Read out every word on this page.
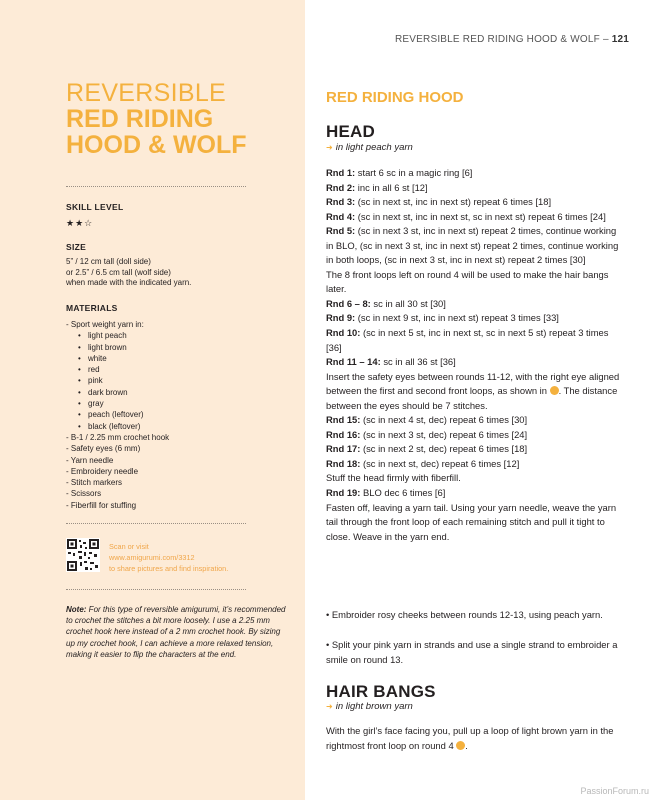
REVERSIBLE
RED RIDING
HOOD & WOLF
SKILL LEVEL
★★☆
SIZE
5” / 12 cm tall (doll side)
or 2.5” / 6.5 cm tall (wolf side)
when made with the indicated yarn.
MATERIALS
- Sport weight yarn in:
• light peach
• light brown
• white
• red
• pink
• dark brown
• gray
• peach (leftover)
• black (leftover)
- B-1 / 2.25 mm crochet hook
- Safety eyes (6 mm)
- Yarn needle
- Embroidery needle
- Stitch markers
- Scissors
- Fiberfill for stuffing
Scan or visit
www.amigurumi.com/3312
to share pictures and find inspiration.
Note: For this type of reversible amigurumi, it’s recommended to crochet the stitches a bit more loosely. I use a 2.25 mm crochet hook here instead of a 2 mm crochet hook. By sizing up my crochet hook, I can achieve a more relaxed tension, making it easier to flip the characters at the end.
REVERSIBLE RED RIDING HOOD & WOLF – 121
RED RIDING HOOD
HEAD
➜ in light peach yarn
Rnd 1: start 6 sc in a magic ring [6]
Rnd 2: inc in all 6 st [12]
Rnd 3: (sc in next st, inc in next st) repeat 6 times [18]
Rnd 4: (sc in next st, inc in next st, sc in next st) repeat 6 times [24]
Rnd 5: (sc in next 3 st, inc in next st) repeat 2 times, continue working in BLO, (sc in next 3 st, inc in next st) repeat 2 times, continue working in both loops, (sc in next 3 st, inc in next st) repeat 2 times [30]
The 8 front loops left on round 4 will be used to make the hair bangs later.
Rnd 6 – 8: sc in all 30 st [30]
Rnd 9: (sc in next 9 st, inc in next st) repeat 3 times [33]
Rnd 10: (sc in next 5 st, inc in next st, sc in next 5 st) repeat 3 times [36]
Rnd 11 – 14: sc in all 36 st [36]
Insert the safety eyes between rounds 11-12, with the right eye aligned between the first and second front loops, as shown in . The distance between the eyes should be 7 stitches.
Rnd 15: (sc in next 4 st, dec) repeat 6 times [30]
Rnd 16: (sc in next 3 st, dec) repeat 6 times [24]
Rnd 17: (sc in next 2 st, dec) repeat 6 times [18]
Rnd 18: (sc in next st, dec) repeat 6 times [12]
Stuff the head firmly with fiberfill.
Rnd 19: BLO dec 6 times [6]
Fasten off, leaving a yarn tail. Using your yarn needle, weave the yarn tail through the front loop of each remaining stitch and pull it tight to close. Weave in the yarn end.
• Embroider rosy cheeks between rounds 12-13, using peach yarn.
• Split your pink yarn in strands and use a single strand to embroider a smile on round 13.
HAIR BANGS
➜ in light brown yarn
With the girl’s face facing you, pull up a loop of light brown yarn in the rightmost front loop on round 4 .
PassionForum.ru
